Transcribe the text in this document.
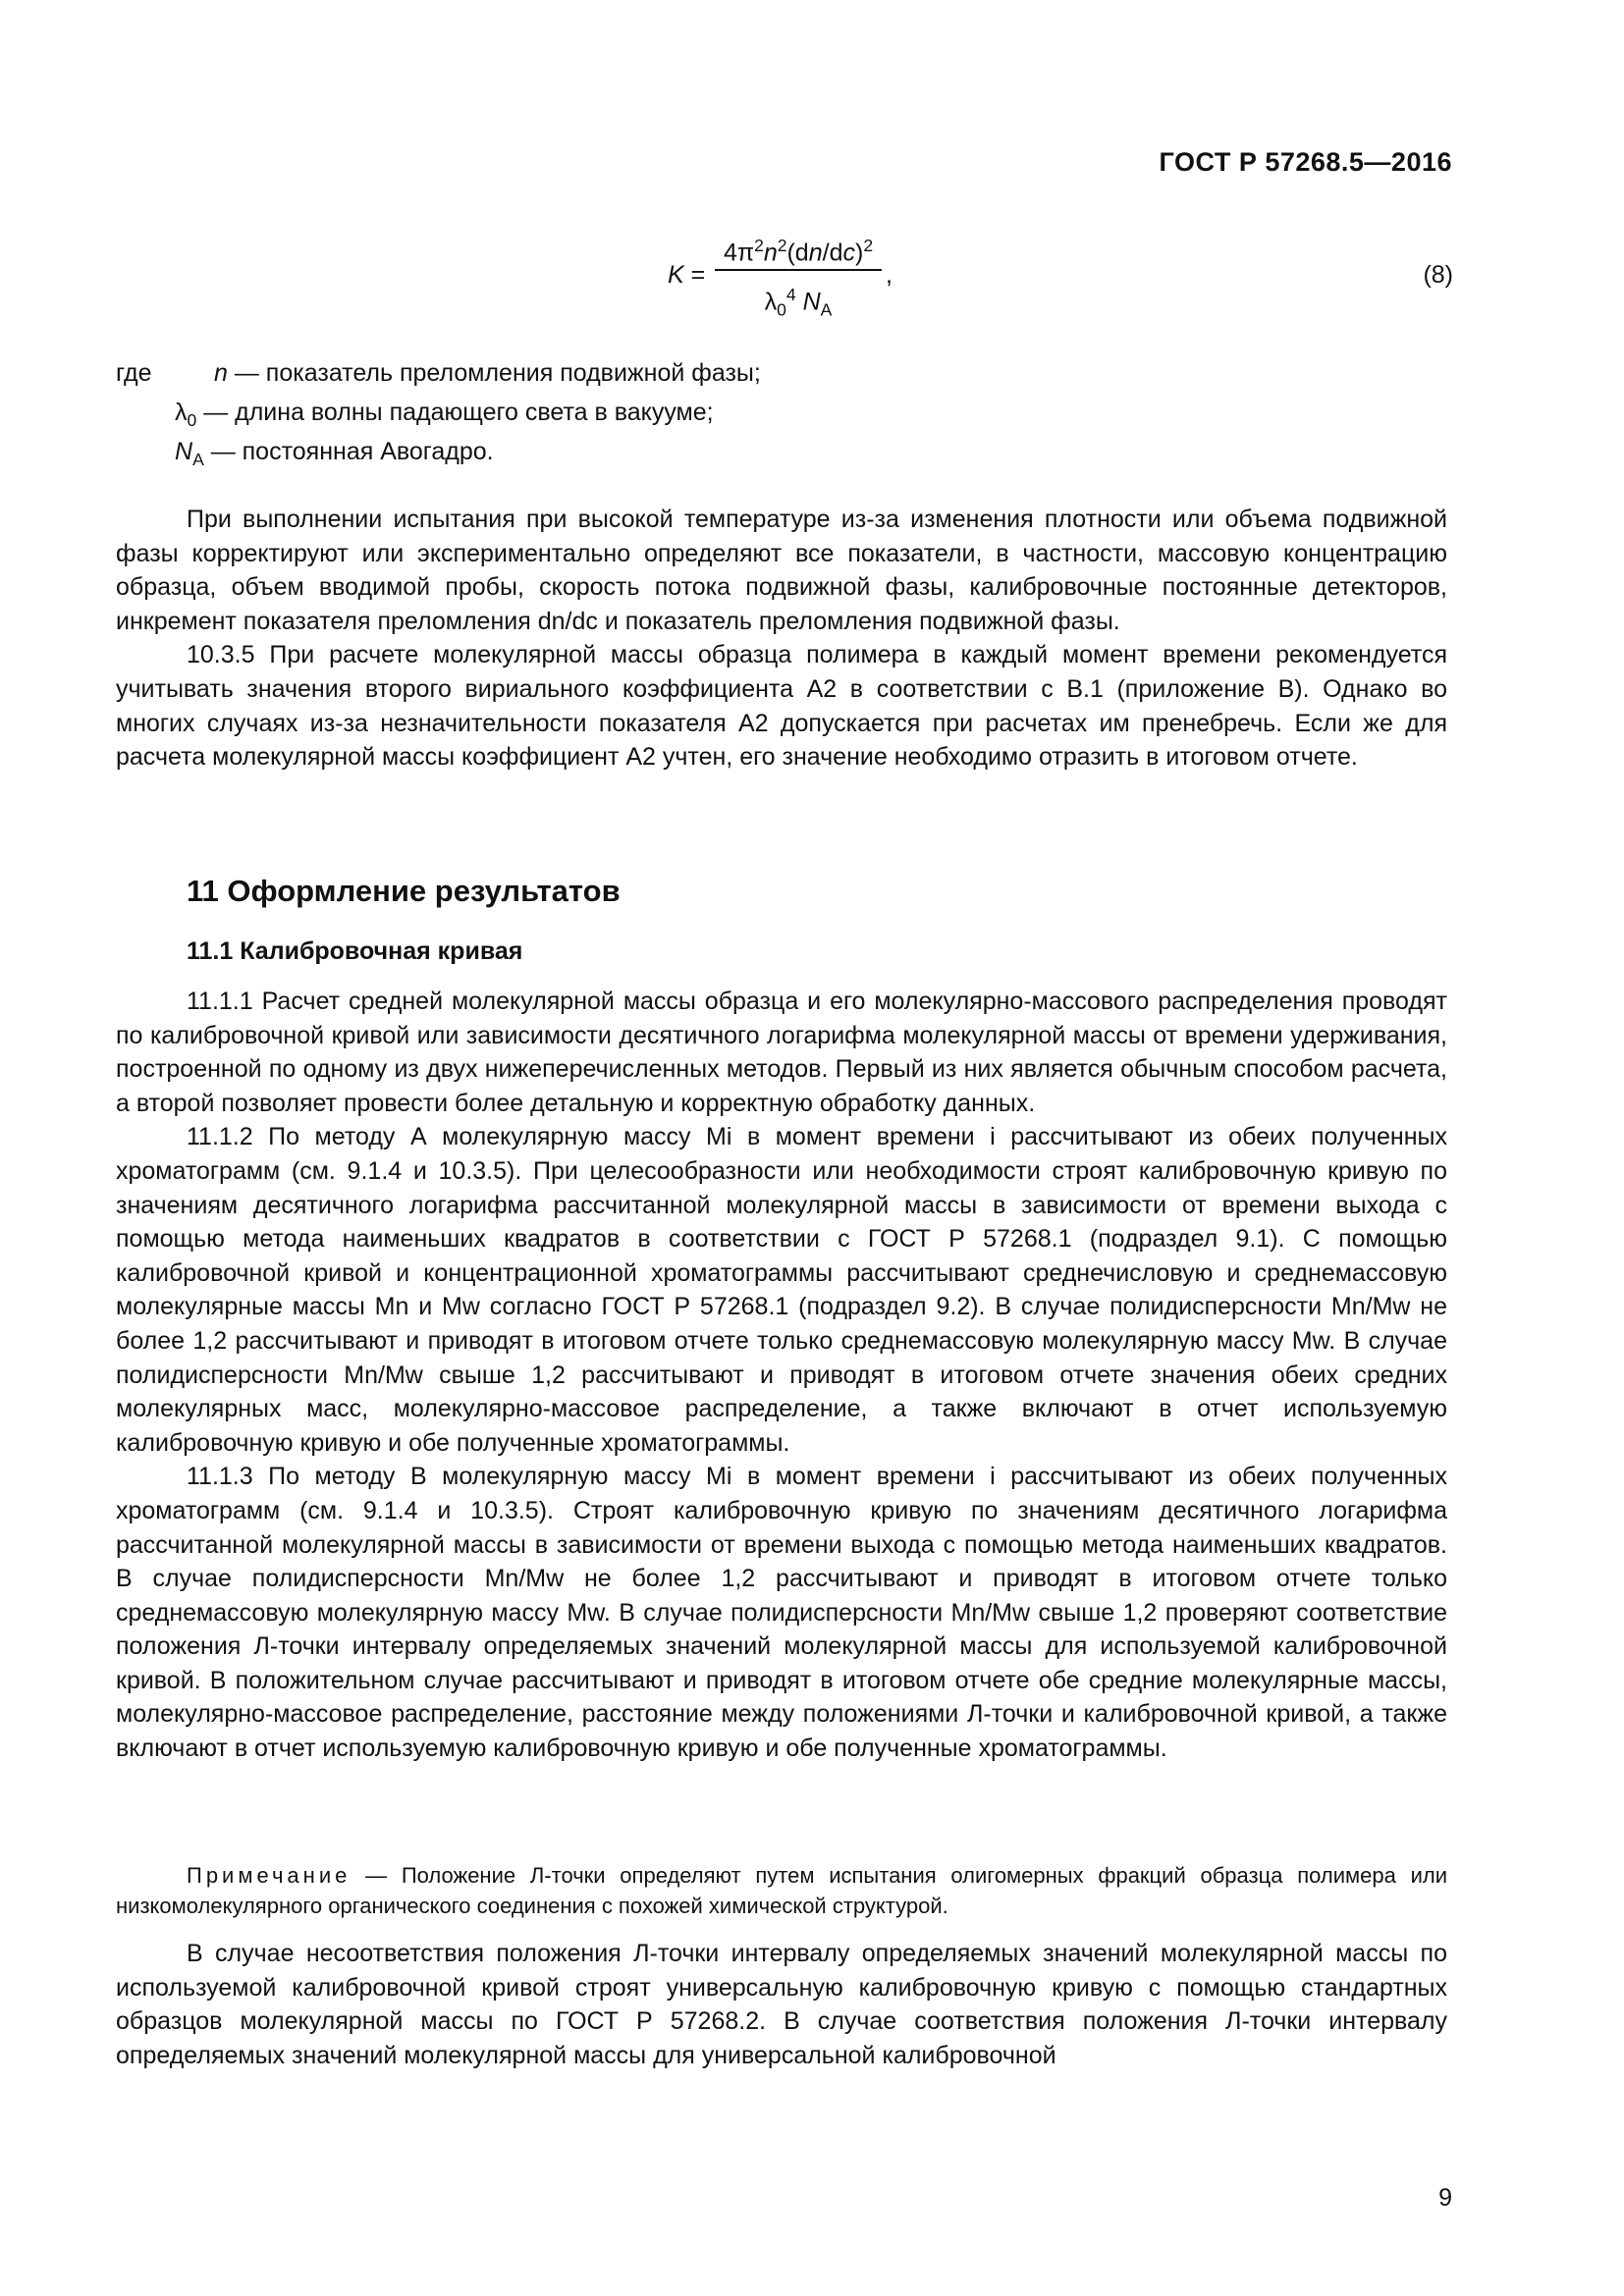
ГОСТ Р 57268.5—2016
K =
$4\pi^2n^2(dn/dc)^2$
$\lambda_0^4$ $N_A$
,	(8)
где	n — показатель преломления подвижной фазы;
$\lambda_0$ — длина волны падающего света в вакууме;
$N_A$ — постоянная Авогадро.

При выполнении испытания при высокой температуре из-за изменения плотности или объема подвижной фазы корректируют или экспериментально определяют все показатели, в частности, массовую концентрацию образца, объем вводимой пробы, скорость потока подвижной фазы, калибровочные постоянные детекторов, инкремент показателя преломления dn/dc и показатель преломления подвижной фазы.

10.3.5 При расчете молекулярной массы образца полимера в каждый момент времени рекомендуется учитывать значения второго вириального коэффициента A2 в соответствии с В.1 (приложение В). Однако во многих случаях из-за незначительности показателя A2 допускается при расчетах им пренебречь. Если же для расчета молекулярной массы коэффициент A2 учтен, его значение необходимо отразить в итоговом отчете.

11 Оформление результатов
11.1 Калибровочная кривая

11.1.1 Расчет средней молекулярной массы образца и его молекулярно-массового распределения проводят по калибровочной кривой или зависимости десятичного логарифма молекулярной массы от времени удерживания, построенной по одному из двух нижеперечисленных методов. Первый из них является обычным способом расчета, а второй позволяет провести более детальную и корректную обработку данных.

11.1.2 По методу А молекулярную массу Mi в момент времени i рассчитывают из обеих полученных хроматограмм (см. 9.1.4 и 10.3.5). При целесообразности или необходимости строят калибровочную кривую по значениям десятичного логарифма рассчитанной молекулярной массы в зависимости от времени выхода с помощью метода наименьших квадратов в соответствии с ГОСТ Р 57268.1 (подраздел 9.1). С помощью калибровочной кривой и концентрационной хроматограммы рассчитывают среднечисловую и среднемассовую молекулярные массы Mn и Mw согласно ГОСТ Р 57268.1 (подраздел 9.2). В случае полидисперсности Mn/Mw не более 1,2 рассчитывают и приводят в итоговом отчете только среднемассовую молекулярную массу Mw. В случае полидисперсности Mn/Mw свыше 1,2 рассчитывают и приводят в итоговом отчете значения обеих средних молекулярных масс, молекулярно-массовое распределение, а также включают в отчет используемую калибровочную кривую и обе полученные хроматограммы.

11.1.3 По методу В молекулярную массу Mi в момент времени i рассчитывают из обеих полученных хроматограмм (см. 9.1.4 и 10.3.5). Строят калибровочную кривую по значениям десятичного логарифма рассчитанной молекулярной массы в зависимости от времени выхода с помощью метода наименьших квадратов. В случае полидисперсности Mn/Mw не более 1,2 рассчитывают и приводят в итоговом отчете только среднемассовую молекулярную массу Mw. В случае полидисперсности Mn/Mw свыше 1,2 проверяют соответствие положения Л-точки интервалу определяемых значений молекулярной массы для используемой калибровочной кривой. В положительном случае рассчитывают и приводят в итоговом отчете обе средние молекулярные массы, молекулярно-массовое распределение, расстояние между положениями Л-точки и калибровочной кривой, а также включают в отчет используемую калибровочную кривую и обе полученные хроматограммы.

Примечание — Положение Л-точки определяют путем испытания олигомерных фракций образца полимера или низкомолекулярного органического соединения с похожей химической структурой.

В случае несоответствия положения Л-точки интервалу определяемых значений молекулярной массы по используемой калибровочной кривой строят универсальную калибровочную кривую с помощью стандартных образцов молекулярной массы по ГОСТ Р 57268.2. В случае соответствия положения Л-точки интервалу определяемых значений молекулярной массы для универсальной калибровочной

9
